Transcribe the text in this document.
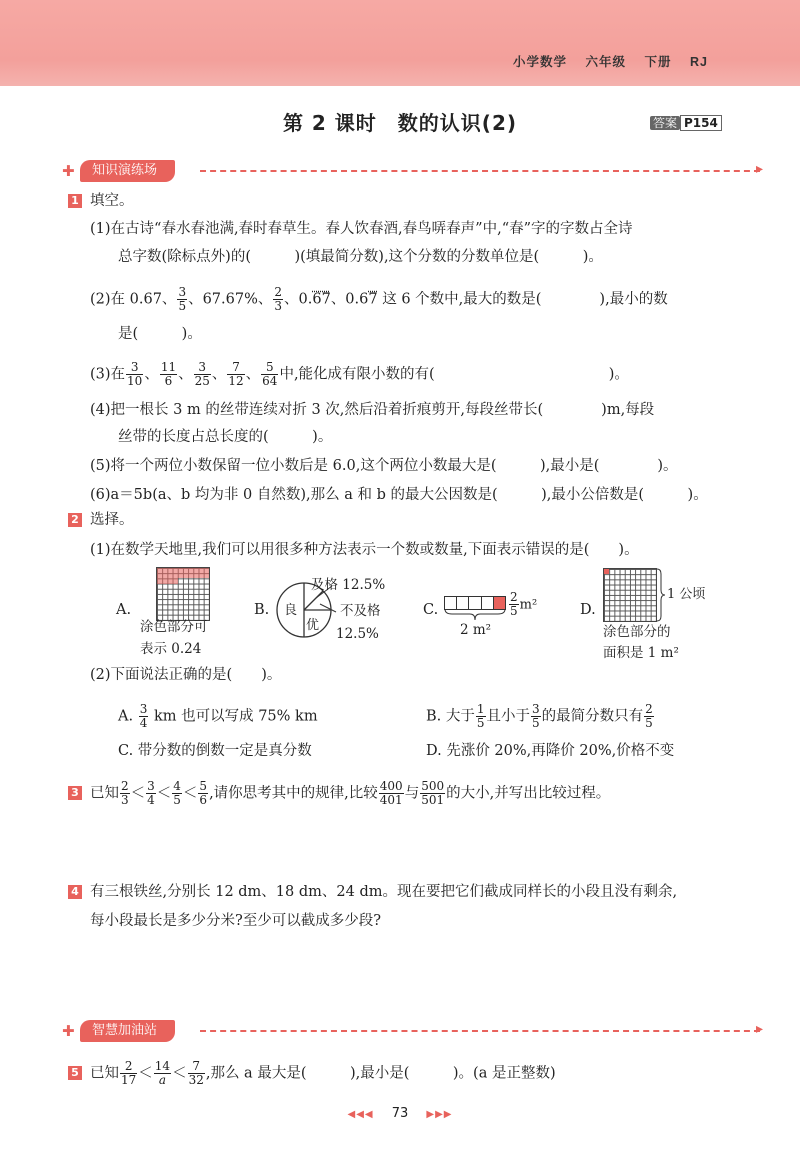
小学数学 六年级 下册 RJ
第 2 课时　数的认识(2)	答案 P154
✚	知识演练场	▸
1 填空。
(1)在古诗“春水春池满,春时春草生。春人饮春酒,春鸟哢春声”中,“春”字的字数占全诗
总字数(除标点外)的(　　　)(填最简分数),这个分数的分数单位是(　　　)。
(2)在 0.67、 $\frac{3}{5}$ 、67.67%、 $\frac{2}{3}$ 、0.67、0.67 这 6 个数中,最大的数是(　　　　),最小的数
是(　　　)。
(3)在 $\frac{3}{10}$ 、 $\frac{11}{6}$ 、 $\frac{3}{25}$ 、 $\frac{7}{12}$ 、 $\frac{5}{64}$ 中,能化成有限小数的有(　　　　　　　　　　　　)。
(4)把一根长 3 m 的丝带连续对折 3 次,然后沿着折痕剪开,每段丝带长(　　　　)m,每段
丝带的长度占总长度的(　　　)。
(5)将一个两位小数保留一位小数后是 6.0,这个两位小数最大是(　　　),最小是(　　　　)。
(6)a＝5b(a、b 均为非 0 自然数),那么 a 和 b 的最大公因数是(　　　),最小公倍数是(　　　)。
2 选择。
(1)在数学天地里,我们可以用很多种方法表示一个数或数量,下面表示错误的是(　　)。
A.
涂色部分可
表示 0.24
B. 良
优
及格 12.5%
不及格
12.5%
C.
2 m²
$\frac{2}{5} m^2$	D.
1 公顷
涂色部分的
面积是 1 m²
(2)下面说法正确的是(　　)。
A. $\frac{3}{4}$ km 也可以写成 75% km	B. 大于 $\frac{1}{5}$ 且小于 $\frac{3}{5}$ 的最简分数只有 $\frac{2}{5}$
C. 带分数的倒数一定是真分数	D. 先涨价 20%,再降价 20%,价格不变
3 已知 $\frac{2}{3} < \frac{3}{4} < \frac{4}{5} < \frac{5}{6}$ ,请你思考其中的规律,比较 $\frac{400}{401}$ 与 $\frac{500}{501}$ 的大小,并写出比较过程。
4 有三根铁丝,分别长 12 dm、18 dm、24 dm。现在要把它们截成同样长的小段且没有剩余,
每小段最长是多少分米?至少可以截成多少段?
✚	智慧加油站	▸
5 已知 $\frac{2}{17} < \frac{14}{a} < \frac{7}{32}$ ,那么 a 最大是(　　　),最小是(　　　)。(a 是正整数)
◀◀◀ 73 ▶▶▶
